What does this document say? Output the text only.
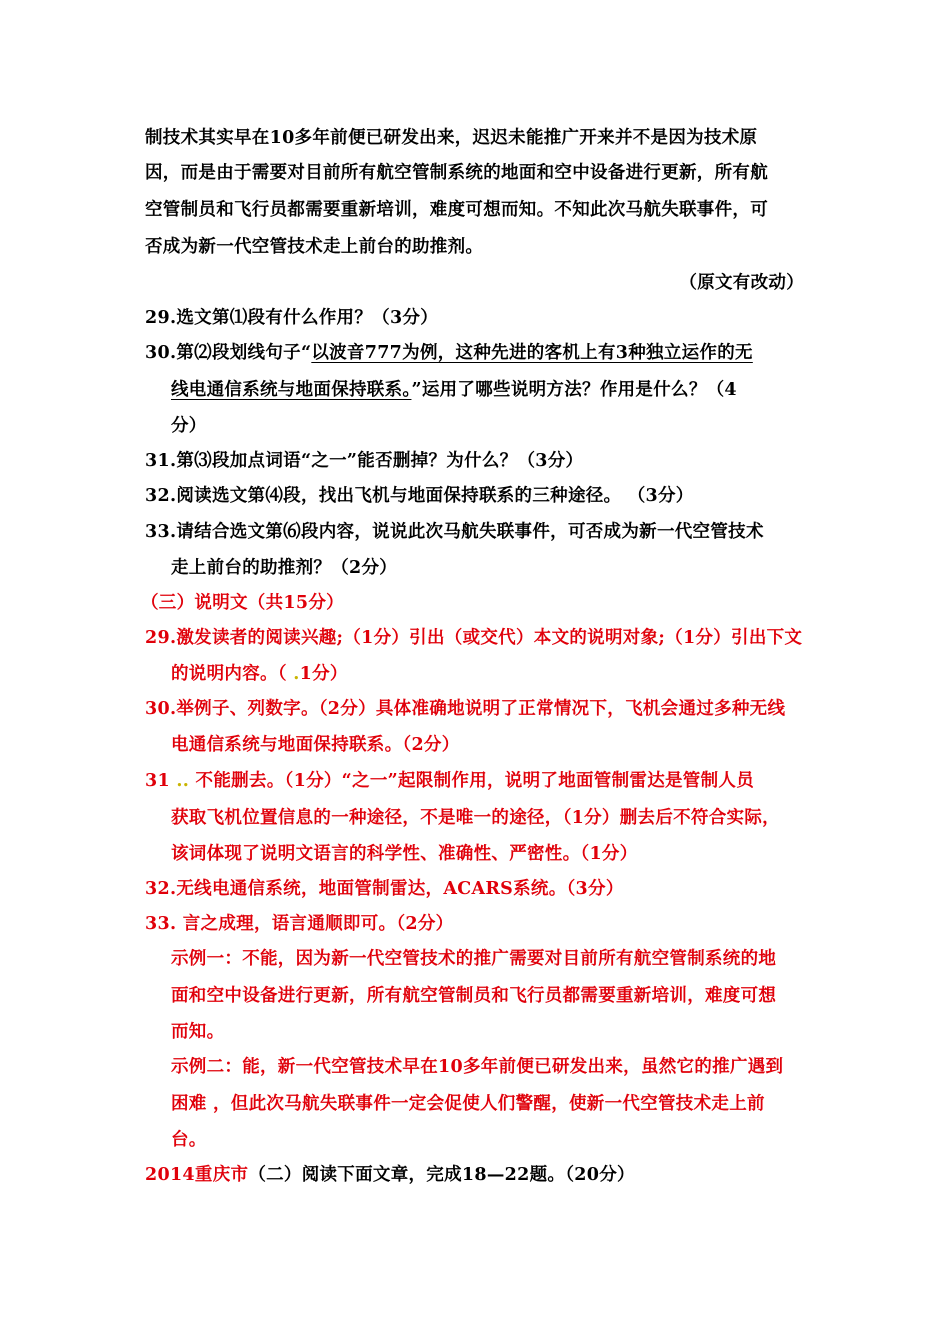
制技术其实早在10多年前便已研发出来，迟迟未能推广开来并不是因为技术原
因，而是由于需要对目前所有航空管制系统的地面和空中设备进行更新，所有航
空管制员和飞行员都需要重新培训，难度可想而知。不知此次马航失联事件，可
否成为新一代空管技术走上前台的助推剂。
（原文有改动）
29.选文第⑴段有什么作用？（3分）
30.第⑵段划线句子“以波音777为例，这种先进的客机上有3种独立运作的无
线电通信系统与地面保持联系。”运用了哪些说明方法？作用是什么？（4
分）
31.第⑶段加点词语“之一”能否删掉？为什么？（3分）
32.阅读选文第⑷段，找出飞机与地面保持联系的三种途径。 （3分）
33.请结合选文第⑹段内容，说说此次马航失联事件，可否成为新一代空管技术
走上前台的助推剂？（2分）
（三）说明文（共15分）
29.激发读者的阅读兴趣;（1分）引出（或交代）本文的说明对象;（1分）引出下文
的说明内容。（ .1分）
30.举例子、列数字。（2分）具体准确地说明了正常情况下，飞机会通过多种无线
电通信系统与地面保持联系。（2分）
31 .. 不能删去。（1分）“之一”起限制作用，说明了地面管制雷达是管制人员
获取飞机位置信息的一种途径，不是唯一的途径，（1分）删去后不符合实际，
该词体现了说明文语言的科学性、准确性、严密性。（1分）
32.无线电通信系统，地面管制雷达，ACARS系统。（3分）
33. 言之成理，语言通顺即可。（2分）
示例一：不能，因为新一代空管技术的推广需要对目前所有航空管制系统的地
面和空中设备进行更新，所有航空管制员和飞行员都需要重新培训，难度可想
而知。
示例二：能，新一代空管技术早在10多年前便已研发出来，虽然它的推广遇到
困难 ，但此次马航失联事件一定会促使人们警醒，使新一代空管技术走上前
台。
2014重庆市（二）阅读下面文章，完成18—22题。（20分）
